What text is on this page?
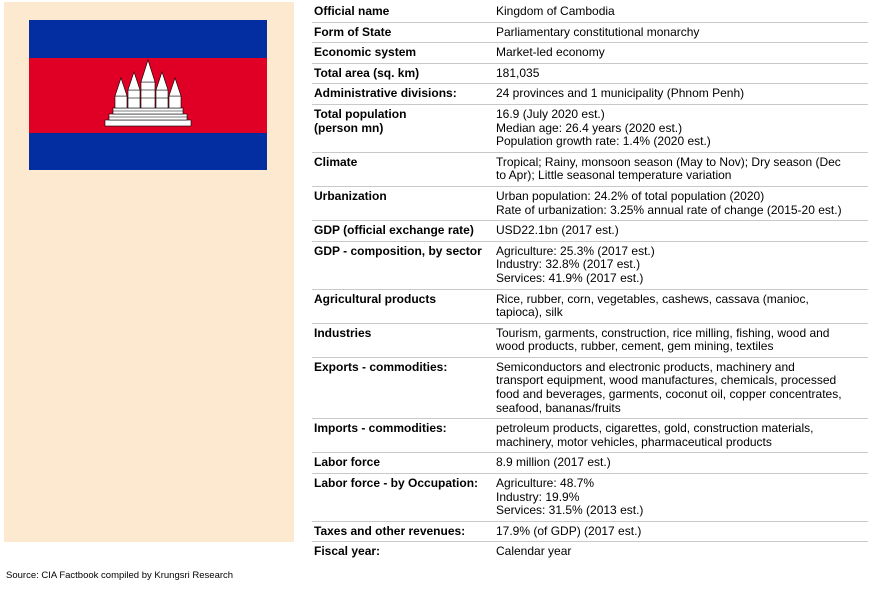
Source: CIA Factbook compiled by Krungsri Research
Official name	Kingdom of Cambodia

Form of State	Parliamentary constitutional monarchy

Economic system	Market-led economy

Total area (sq. km)	181,035

Administrative divisions:	24 provinces and 1 municipality (Phnom Penh)

Total population
(person mn)	16.9 (July 2020 est.)
Median age: 26.4 years (2020 est.)
Population growth rate: 1.4% (2020 est.)

Climate	Tropical; Rainy, monsoon season (May to Nov); Dry season (Dec
to Apr); Little seasonal temperature variation

Urbanization	Urban population: 24.2% of total population (2020)
Rate of urbanization: 3.25% annual rate of change (2015-20 est.)

GDP (official exchange rate)	USD22.1bn (2017 est.)

GDP - composition, by sector	Agriculture: 25.3% (2017 est.)
Industry: 32.8% (2017 est.)
Services: 41.9% (2017 est.)

Agricultural products	Rice, rubber, corn, vegetables, cashews, cassava (manioc,
tapioca), silk

Industries	Tourism, garments, construction, rice milling, fishing, wood and
wood products, rubber, cement, gem mining, textiles

Exports - commodities:	Semiconductors and electronic products, machinery and
transport equipment, wood manufactures, chemicals, processed
food and beverages, garments, coconut oil, copper concentrates,
seafood, bananas/fruits

Imports - commodities:	petroleum products, cigarettes, gold, construction materials,
machinery, motor vehicles, pharmaceutical products

Labor force	8.9 million (2017 est.)

Labor force - by Occupation:	Agriculture: 48.7%
Industry: 19.9%
Services: 31.5% (2013 est.)

Taxes and other revenues:	17.9% (of GDP) (2017 est.)

Fiscal year:	Calendar year
